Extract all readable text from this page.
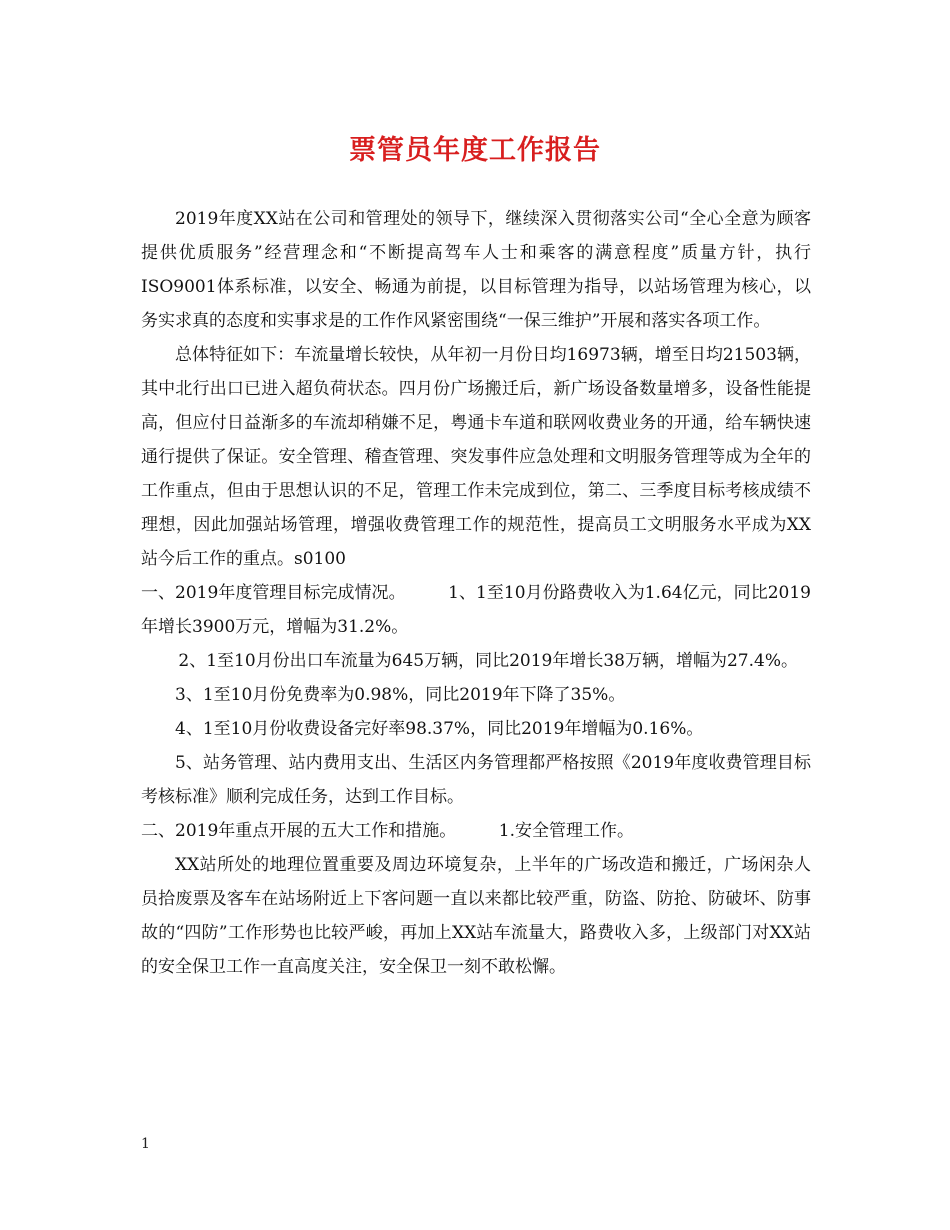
票管员年度工作报告

2019年度XX站在公司和管理处的领导下，继续深入贯彻落实公司“全心全意为顾客提供优质服务”经营理念和“不断提高驾车人士和乘客的满意程度”质量方针，执行ISO9001体系标准，以安全、畅通为前提，以目标管理为指导，以站场管理为核心，以务实求真的态度和实事求是的工作作风紧密围绕“一保三维护”开展和落实各项工作。

总体特征如下：车流量增长较快，从年初一月份日均16973辆，增至日均21503辆，其中北行出口已进入超负荷状态。四月份广场搬迁后，新广场设备数量增多，设备性能提高，但应付日益渐多的车流却稍嫌不足，粤通卡车道和联网收费业务的开通，给车辆快速通行提供了保证。安全管理、稽查管理、突发事件应急处理和文明服务管理等成为全年的工作重点，但由于思想认识的不足，管理工作未完成到位，第二、三季度目标考核成绩不理想，因此加强站场管理，增强收费管理工作的规范性，提高员工文明服务水平成为XX站今后工作的重点。s0100

一、2019年度管理目标完成情况。　　　1、1至10月份路费收入为1.64亿元，同比2019年增长3900万元，增幅为31.2%。

2、1至10月份出口车流量为645万辆，同比2019年增长38万辆，增幅为27.4%。

3、1至10月份免费率为0.98%，同比2019年下降了35%。

4、1至10月份收费设备完好率98.37%，同比2019年增幅为0.16%。

5、站务管理、站内费用支出、生活区内务管理都严格按照《2019年度收费管理目标考核标准》顺利完成任务，达到工作目标。

二、2019年重点开展的五大工作和措施。　　　1.安全管理工作。

XX站所处的地理位置重要及周边环境复杂，上半年的广场改造和搬迁，广场闲杂人员拾废票及客车在站场附近上下客问题一直以来都比较严重，防盗、防抢、防破坏、防事故的“四防”工作形势也比较严峻，再加上XX站车流量大，路费收入多，上级部门对XX站的安全保卫工作一直高度关注，安全保卫一刻不敢松懈。

1
